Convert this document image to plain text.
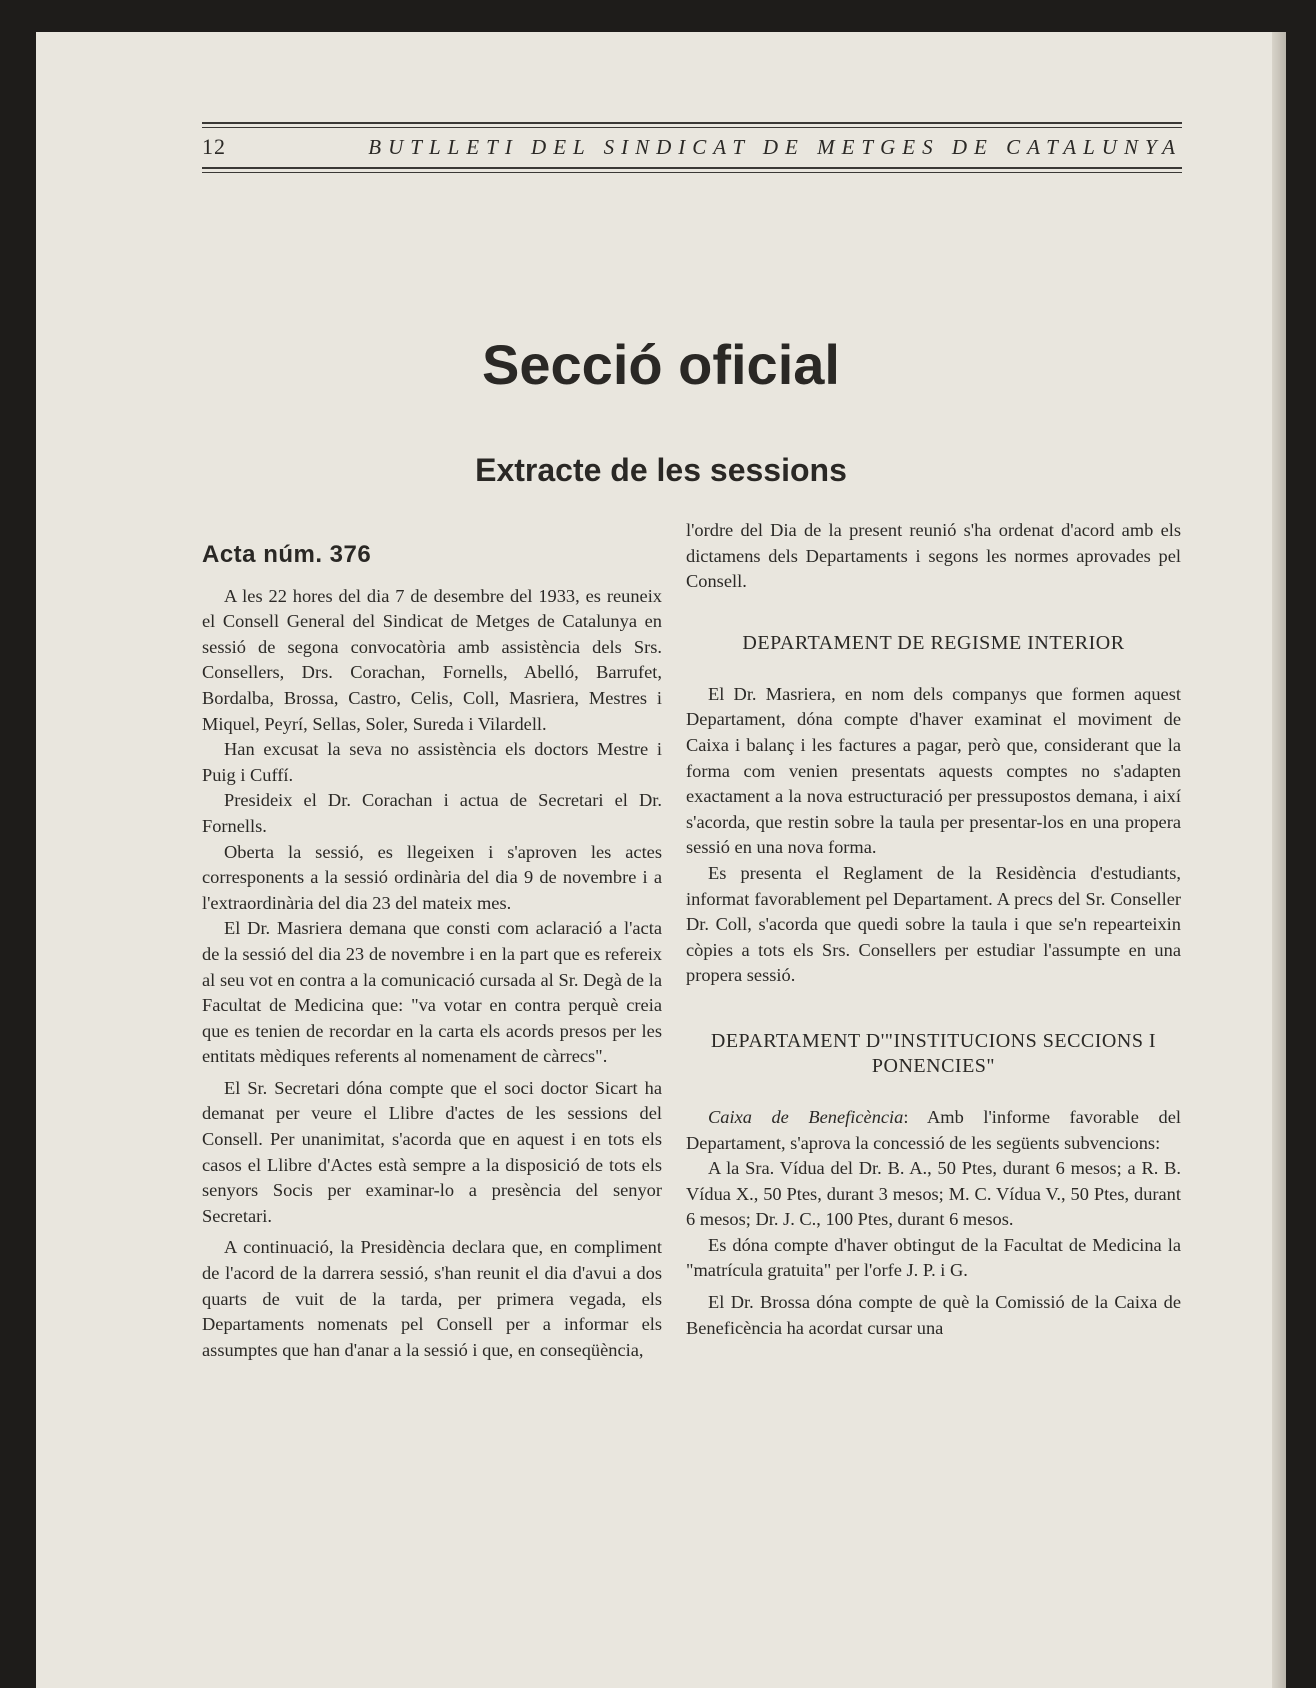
12	BUTLLETI DEL SINDICAT DE METGES DE CATALUNYA
Secció oficial
Extracte de les sessions
Acta núm. 376

A les 22 hores del dia 7 de desembre del 1933, es reuneix el Consell General del Sindicat de Metges de Catalunya en sessió de segona convocatòria amb assistència dels Srs. Consellers, Drs. Corachan, Fornells, Abelló, Barrufet, Bordalba, Brossa, Castro, Celis, Coll, Masriera, Mestres i Miquel, Peyrí, Sellas, Soler, Sureda i Vilardell.

Han excusat la seva no assistència els doctors Mestre i Puig i Cuffí.

Presideix el Dr. Corachan i actua de Secretari el Dr. Fornells.

Oberta la sessió, es llegeixen i s'aproven les actes corresponents a la sessió ordinària del dia 9 de novembre i a l'extraordinària del dia 23 del mateix mes.

El Dr. Masriera demana que consti com aclaració a l'acta de la sessió del dia 23 de novembre i en la part que es refereix al seu vot en contra a la comunicació cursada al Sr. Degà de la Facultat de Medicina que: "va votar en contra perquè creia que es tenien de recordar en la carta els acords presos per les entitats mèdiques referents al nomenament de càrrecs".

El Sr. Secretari dóna compte que el soci doctor Sicart ha demanat per veure el Llibre d'actes de les sessions del Consell. Per unanimitat, s'acorda que en aquest i en tots els casos el Llibre d'Actes està sempre a la disposició de tots els senyors Socis per examinar-lo a presència del senyor Secretari.

A continuació, la Presidència declara que, en compliment de l'acord de la darrera sessió, s'han reunit el dia d'avui a dos quarts de vuit de la tarda, per primera vegada, els Departaments nomenats pel Consell per a informar els assumptes que han d'anar a la sessió i que, en conseqüència,

l'ordre del Dia de la present reunió s'ha ordenat d'acord amb els dictamens dels Departaments i segons les normes aprovades pel Consell.

DEPARTAMENT DE REGISME INTERIOR

El Dr. Masriera, en nom dels companys que formen aquest Departament, dóna compte d'haver examinat el moviment de Caixa i balanç i les factures a pagar, però que, considerant que la forma com venien presentats aquests comptes no s'adapten exactament a la nova estructuració per pressupostos demana, i així s'acorda, que restin sobre la taula per presentar-los en una propera sessió en una nova forma.

Es presenta el Reglament de la Residència d'estudiants, informat favorablement pel Departament. A precs del Sr. Conseller Dr. Coll, s'acorda que quedi sobre la taula i que se'n repearteixin còpies a tots els Srs. Consellers per estudiar l'assumpte en una propera sessió.

DEPARTAMENT D'"INSTITUCIONS SECCIONS I PONENCIES"

Caixa de Beneficència: Amb l'informe favorable del Departament, s'aprova la concessió de les següents subvencions:

A la Sra. Vídua del Dr. B. A., 50 Ptes, durant 6 mesos; a R. B. Vídua X., 50 Ptes, durant 3 mesos; M. C. Vídua V., 50 Ptes, durant 6 mesos; Dr. J. C., 100 Ptes, durant 6 mesos.

Es dóna compte d'haver obtingut de la Facultat de Medicina la "matrícula gratuita" per l'orfe J. P. i G.

El Dr. Brossa dóna compte de què la Comissió de la Caixa de Beneficència ha acordat cursar una
